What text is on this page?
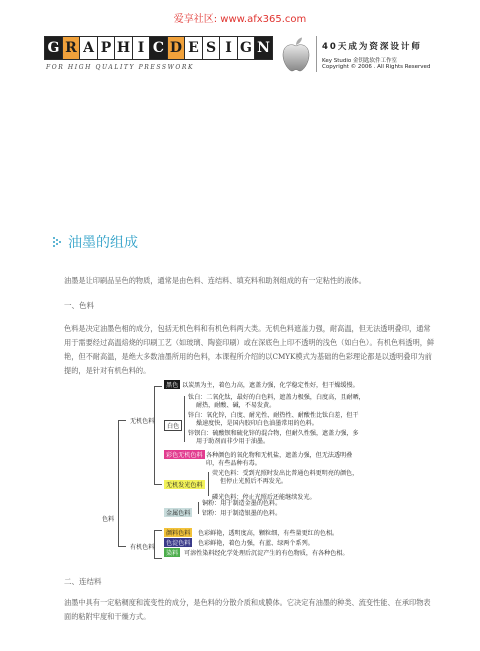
爱享社区: www.afx365.com
G R A P H I C D E S I G N
FOR HIGH QUALITY PRESSWORK
40天成为资深设计师
Key Studio 金钥匙软件工作室
Copyright © 2006 . All Rights Reserved
油墨的组成
油墨是让印刷品呈色的物质，通常是由色料、连结料、填充料和助剂组成的有一定粘性的液体。
一、色料
色料是决定油墨色相的成分，包括无机色料和有机色料两大类。无机色料遮盖力强，耐高温，但无法透明叠印，通常用于需要经过高温焙烧的印刷工艺（如玻璃、陶瓷印刷）或在深底色上印不透明的浅色（如白色）。有机色料透明，鲜艳，但不耐高温，是绝大多数油墨所用的色料，本课程所介绍的以CMYK模式为基础的色彩理论都是以透明叠印为前提的，是针对有机色料的。
色料
无机色料
有机色料
黑色 以炭黑为主，着色力高，遮盖力强，化学稳定性好，但干燥缓慢。
白色
钛白：二氧化钛，最好的白色料，遮盖力极强，白度高，且耐晒，
耐热，耐酸、碱，不易发黄。
锌白：氧化锌，白度、耐光性、耐热性、耐酸性比钛白差，但干
燥速度快，是国内胶印白色油墨常用的色料。
锌钡白：硫酸钡和硫化锌的混合物，但耐久性强，遮盖力强，多
用于助剂而非少用于油墨。
彩色无机色料 各种颜色的氧化物和无机盐，遮盖力强，但无法透明叠
印，有些品种有毒。
无机发光色料
荧光色料：受到光照时发出比普通色料更明亮的颜色，
但停止光照后不再发光。
磷光色料：停止光照后还能继续发光。
金属色料
铜粉：用于制造金墨的色料。
铝粉：用于制造银墨的色料。
颜料色料	色彩鲜艳，透明度高，颗粒细，有些量更红的色相。
色淀色料	色彩鲜艳，着色力强，有蓝、绿两个系列。
染料 可溶性染料经化学处理后沉淀产生的有色物质，有各种色相。
二、连结料
油墨中具有一定粘稠度和流变性的成分，是色料的分散介质和成膜体。它决定有油墨的种类、流变性能、在承印物表面的粘附牢度和干燥方式。
